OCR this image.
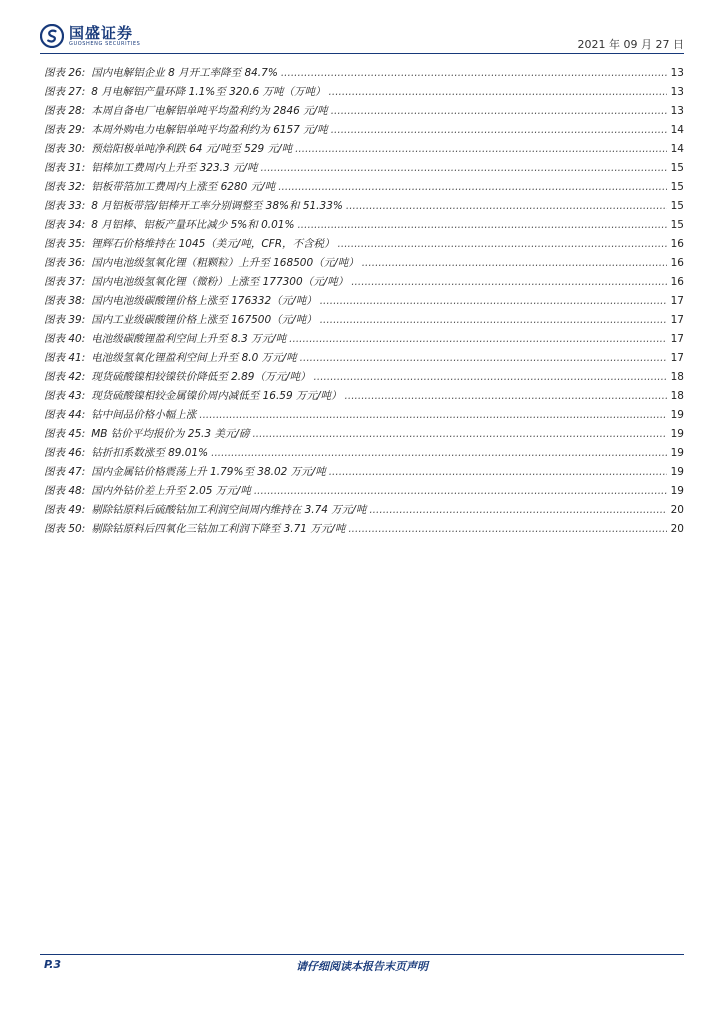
国盛证券
GUOSHENG SECURITIES	2021 年 09 月 27 日
图表 26: 国内电解铝企业 8 月开工率降至 84.7% .....	13
图表 27: 8 月电解铝产量环降 1.1%至 320.6 万吨（万吨） .....	13
图表 28: 本周自备电厂电解铝单吨平均盈利约为 2846 元/吨 .....	13
图表 29: 本周外购电力电解铝单吨平均盈利约为 6157 元/吨 .....	14
图表 30: 预焙阳极单吨净利跌 64 元/吨至 529 元/吨 .....	14
图表 31: 铝棒加工费周内上升至 323.3 元/吨 .....	15
图表 32: 铝板带箔加工费周内上涨至 6280 元/吨 .....	15
图表 33: 8 月铝板带箔/铝棒开工率分别调整至 38%和 51.33% .....	15
图表 34: 8 月铝棒、铝板产量环比减少 5%和 0.01% .....	15
图表 35: 锂辉石价格维持在 1045（美元/吨，CFR，不含税） .....	16
图表 36: 国内电池级氢氧化锂（粗颗粒）上升至 168500（元/吨） .....	16
图表 37: 国内电池级氢氧化锂（微粉）上涨至 177300（元/吨） .....	16
图表 38: 国内电池级碳酸锂价格上涨至 176332（元/吨） .....	17
图表 39: 国内工业级碳酸锂价格上涨至 167500（元/吨） .....	17
图表 40: 电池级碳酸锂盈利空间上升至 8.3 万元/吨 .....	17
图表 41: 电池级氢氧化锂盈利空间上升至 8.0 万元/吨 .....	17
图表 42: 现货硫酸镍相较镍铁价降低至 2.89（万元/吨） .....	18
图表 43: 现货硫酸镍相较金属镍价周内减低至 16.59 万元/吨） .....	18
图表 44: 钴中间品价格小幅上涨 .....	19
图表 45: MB 钴价平均报价为 25.3 美元/磅 .....	19
图表 46: 钴折扣系数涨至 89.01% .....	19
图表 47: 国内金属钴价格震荡上升 1.79%至 38.02 万元/吨 .....	19
图表 48: 国内外钴价差上升至 2.05 万元/吨 .....	19
图表 49: 剔除钴原料后硫酸钴加工利润空间周内维持在 3.74 万元/吨 .....	20
图表 50: 剔除钴原料后四氧化三钴加工利润下降至 3.71 万元/吨 .....	20
P.3	请仔细阅读本报告末页声明
